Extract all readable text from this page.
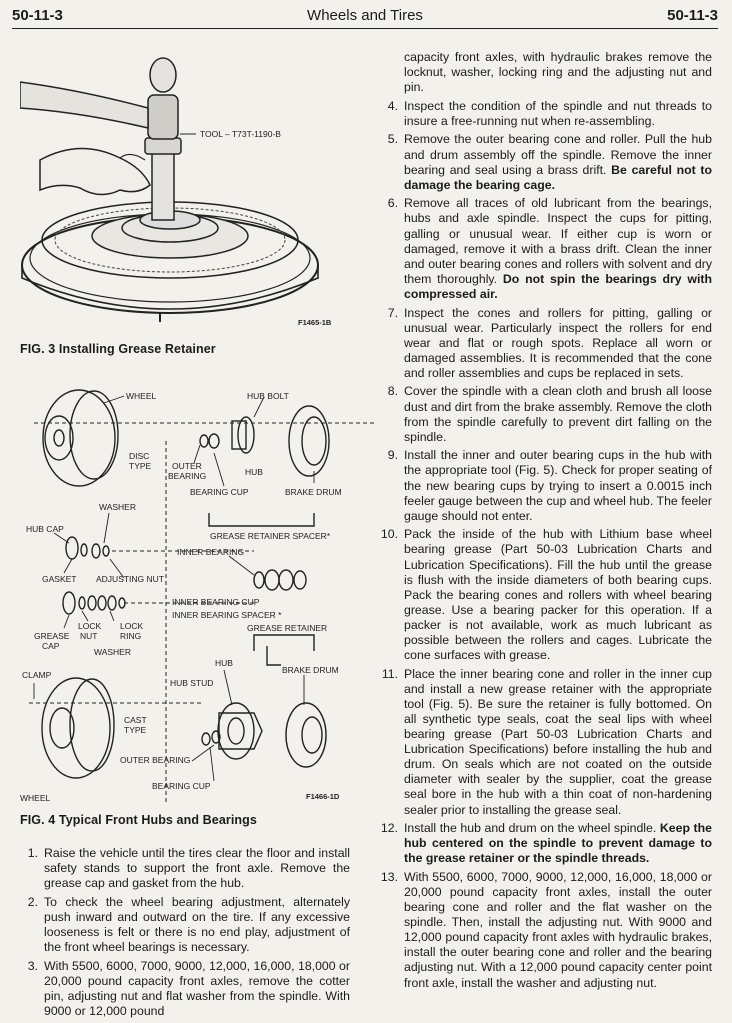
50-11-3	Wheels and Tires	50-11-3
TOOL – T73T-1190-B
F1465-1B
FIG. 3 Installing Grease Retainer
WHEEL	HUB BOLT
DISC
TYPE OUTER
BEARING	HUB
BEARING CUP	BRAKE DRUM
WASHER
HUB CAP
GREASE RETAINER SPACER*
INNER BEARING
GASKET ADJUSTING NUT
INNER BEARING CUP
INNER BEARING SPACER *
GREASE RETAINER
LOCK LOCK
GREASE NUT	RING
CAP
WASHER
HUB
BRAKE DRUM
CLAMP
HUB STUD
CAST
TYPE
OUTER BEARING
BEARING CUP
WHEEL	F1466-1D
FIG. 4 Typical Front Hubs and Bearings
1. Raise the vehicle until the tires clear the floor and install safety stands to support the front axle. Remove the grease cap and gasket from the hub.
2. To check the wheel bearing adjustment, alternately push inward and outward on the tire. If any excessive looseness is felt or there is no end play, adjustment of the front wheel bearings is necessary.
3. With 5500, 6000, 7000, 9000, 12,000, 16,000, 18,000 or 20,000 pound capacity front axles, remove the cotter pin, adjusting nut and flat washer from the spindle. With 9000 or 12,000 pound
capacity front axles, with hydraulic brakes remove the locknut, washer, locking ring and the adjusting nut and pin.
4. Inspect the condition of the spindle and nut threads to insure a free-running nut when re-assembling.
5. Remove the outer bearing cone and roller. Pull the hub and drum assembly off the spindle. Remove the inner bearing and seal using a brass drift. Be careful not to damage the bearing cage.
6. Remove all traces of old lubricant from the bearings, hubs and axle spindle. Inspect the cups for pitting, galling or unusual wear. If either cup is worn or damaged, remove it with a brass drift. Clean the inner and outer bearing cones and rollers with solvent and dry them thoroughly. Do not spin the bearings dry with compressed air.
7. Inspect the cones and rollers for pitting, galling or unusual wear. Particularly inspect the rollers for end wear and flat or rough spots. Replace all worn or damaged assemblies. It is recommended that the cone and roller assemblies and cups be replaced in sets.
8. Cover the spindle with a clean cloth and brush all loose dust and dirt from the brake assembly. Remove the cloth from the spindle carefully to prevent dirt falling on the spindle.
9. Install the inner and outer bearing cups in the hub with the appropriate tool (Fig. 5). Check for proper seating of the new bearing cups by trying to insert a 0.0015 inch feeler gauge between the cup and wheel hub. The feeler gauge should not enter.
10. Pack the inside of the hub with Lithium base wheel bearing grease (Part 50-03 Lubrication Charts and Lubrication Specifications). Fill the hub until the grease is flush with the inside diameters of both bearing cups. Pack the bearing cones and rollers with wheel bearing grease. Use a bearing packer for this operation. If a packer is not available, work as much lubricant as possible between the rollers and cages. Lubricate the cone surfaces with grease.
11. Place the inner bearing cone and roller in the inner cup and install a new grease retainer with the appropriate tool (Fig. 5). Be sure the retainer is fully bottomed. On all synthetic type seals, coat the seal lips with wheel bearing grease (Part 50-03 Lubrication Charts and Lubrication Specifications) before installing the hub and drum. On seals which are not coated on the outside diameter with sealer by the supplier, coat the grease seal bore in the hub with a thin coat of non-hardening sealer prior to installing the grease seal.
12. Install the hub and drum on the wheel spindle. Keep the hub centered on the spindle to prevent damage to the grease retainer or the spindle threads.
13. With 5500, 6000, 7000, 9000, 12,000, 16,000, 18,000 or 20,000 pound capacity front axles, install the outer bearing cone and roller and the flat washer on the spindle. Then, install the adjusting nut. With 9000 and 12,000 pound capacity front axles with hydraulic brakes, install the outer bearing cone and roller and the bearing adjusting nut. With a 12,000 pound capacity center point front axle, install the washer and adjusting nut.
